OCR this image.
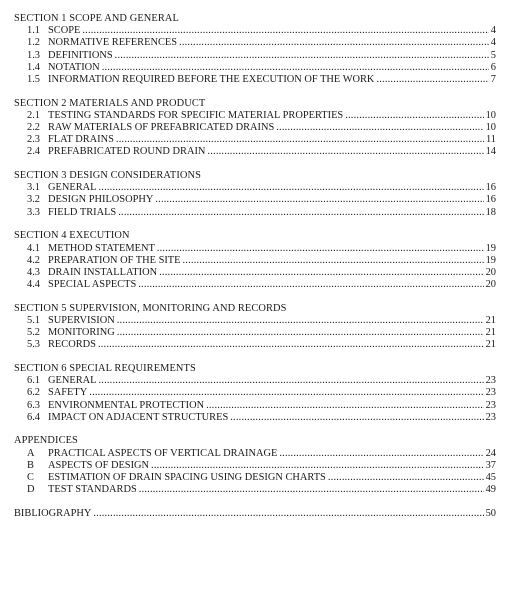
SECTION 1 SCOPE AND GENERAL
1.1 SCOPE .....	4
1.2 NORMATIVE REFERENCES .....	4
1.3 DEFINITIONS .....	5
1.4 NOTATION .....	6
1.5 INFORMATION REQUIRED BEFORE THE EXECUTION OF THE WORK .....	7
SECTION 2 MATERIALS AND PRODUCT
2.1 TESTING STANDARDS FOR SPECIFIC MATERIAL PROPERTIES .....	10
2.2 RAW MATERIALS OF PREFABRICATED DRAINS .....	10
2.3 FLAT DRAINS .....	11
2.4 PREFABRICATED ROUND DRAIN .....	14
SECTION 3 DESIGN CONSIDERATIONS
3.1 GENERAL .....	16
3.2 DESIGN PHILOSOPHY .....	16
3.3 FIELD TRIALS .....	18
SECTION 4 EXECUTION
4.1 METHOD STATEMENT .....	19
4.2 PREPARATION OF THE SITE .....	19
4.3 DRAIN INSTALLATION .....	20
4.4 SPECIAL ASPECTS .....	20
SECTION 5 SUPERVISION, MONITORING AND RECORDS
5.1 SUPERVISION .....	21
5.2 MONITORING .....	21
5.3 RECORDS .....	21
SECTION 6 SPECIAL REQUIREMENTS
6.1 GENERAL .....	23
6.2 SAFETY .....	23
6.3 ENVIRONMENTAL PROTECTION .....	23
6.4 IMPACT ON ADJACENT STRUCTURES .....	23
APPENDICES
A	PRACTICAL ASPECTS OF VERTICAL DRAINAGE .....	24
B	ASPECTS OF DESIGN .....	37
C	ESTIMATION OF DRAIN SPACING USING DESIGN CHARTS .....	45
D	TEST STANDARDS .....	49
BIBLIOGRAPHY .....	50
